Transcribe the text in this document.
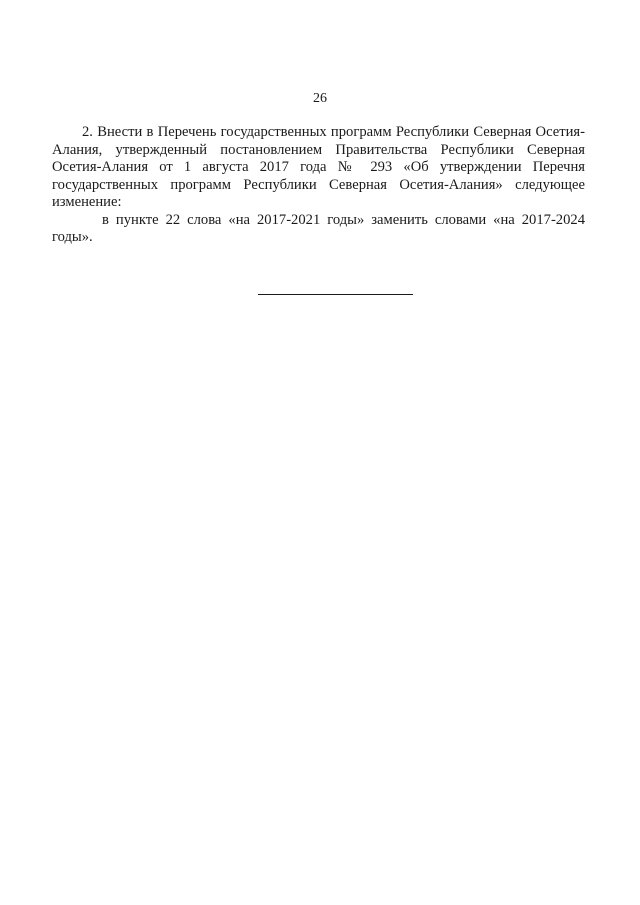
26

2. Внести в Перечень государственных программ Республики Северная Осетия-Алания, утвержденный постановлением Правительства Республики Северная Осетия-Алания от 1 августа 2017 года № 293 «Об утверждении Перечня государственных программ Республики Северная Осетия-Алания» следующее изменение:

в пункте 22 слова «на 2017-2021 годы» заменить словами «на 2017-2024 годы».
